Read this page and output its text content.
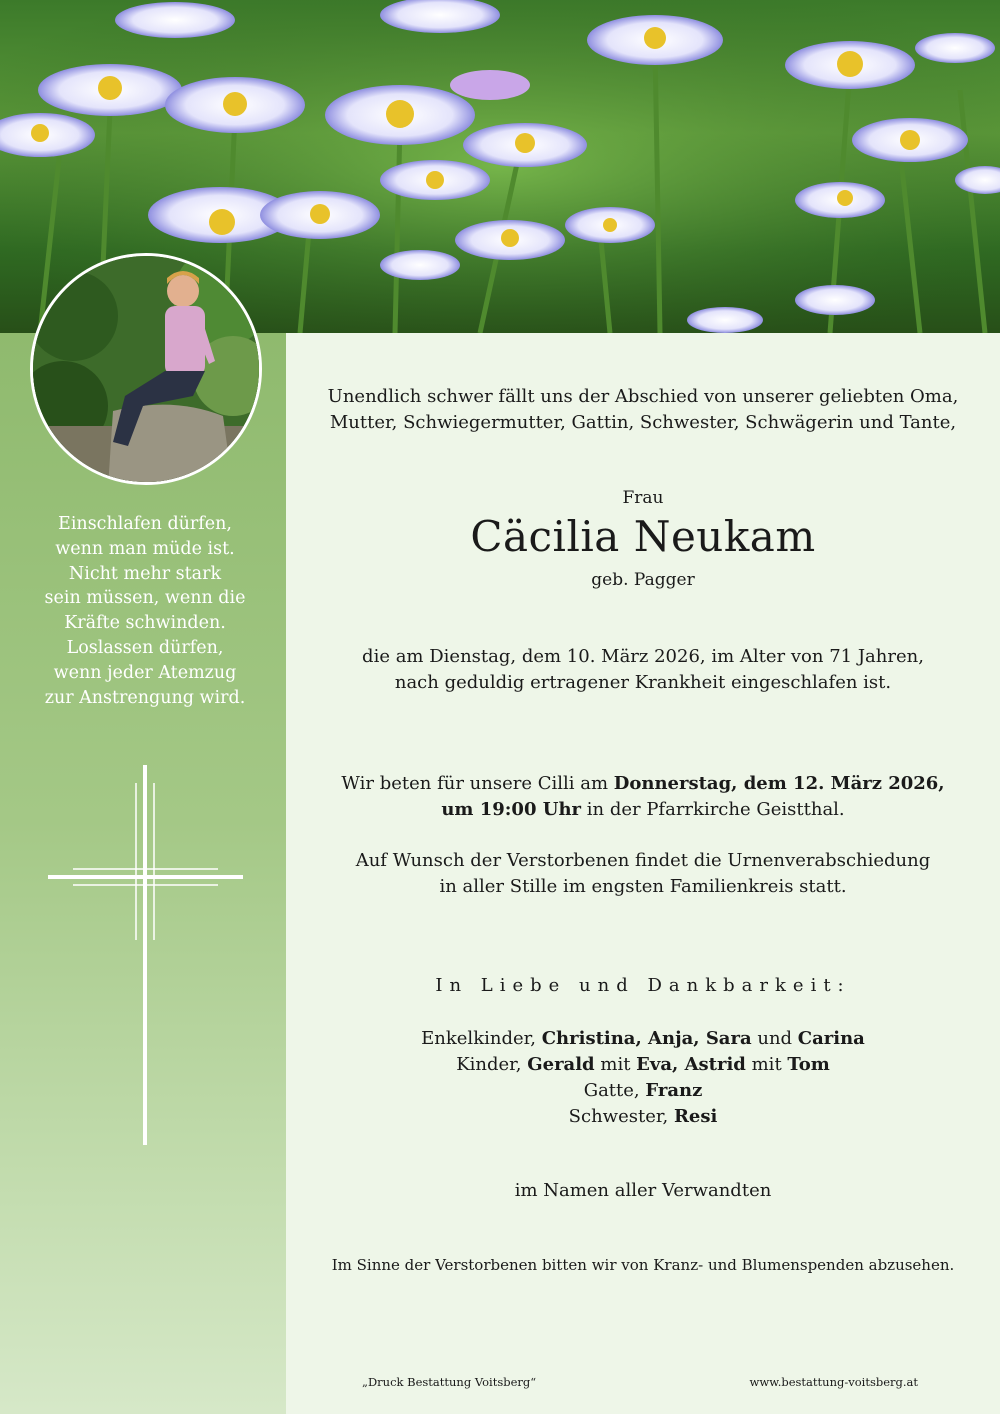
Einschlafen dürfen,
wenn man müde ist.
Nicht mehr stark
sein müssen, wenn die
Kräfte schwinden.
Loslassen dürfen,
wenn jeder Atemzug
zur Anstrengung wird.
Unendlich schwer fällt uns der Abschied von unserer geliebten Oma,
Mutter, Schwiegermutter, Gattin, Schwester, Schwägerin und Tante,
Frau
Cäcilia Neukam
geb. Pagger
die am Dienstag, dem 10. März 2026, im Alter von 71 Jahren,
nach geduldig ertragener Krankheit eingeschlafen ist.
Wir beten für unsere Cilli am Donnerstag, dem 12. März 2026,
um 19:00 Uhr in der Pfarrkirche Geistthal.
Auf Wunsch der Verstorbenen findet die Urnenverabschiedung
in aller Stille im engsten Familienkreis statt.
In Liebe und Dankbarkeit:
Enkelkinder, Christina, Anja, Sara und Carina
Kinder, Gerald mit Eva, Astrid mit Tom
Gatte, Franz
Schwester, Resi
im Namen aller Verwandten
Im Sinne der Verstorbenen bitten wir von Kranz- und Blumenspenden abzusehen.
„Druck Bestattung Voitsberg“	www.bestattung-voitsberg.at
